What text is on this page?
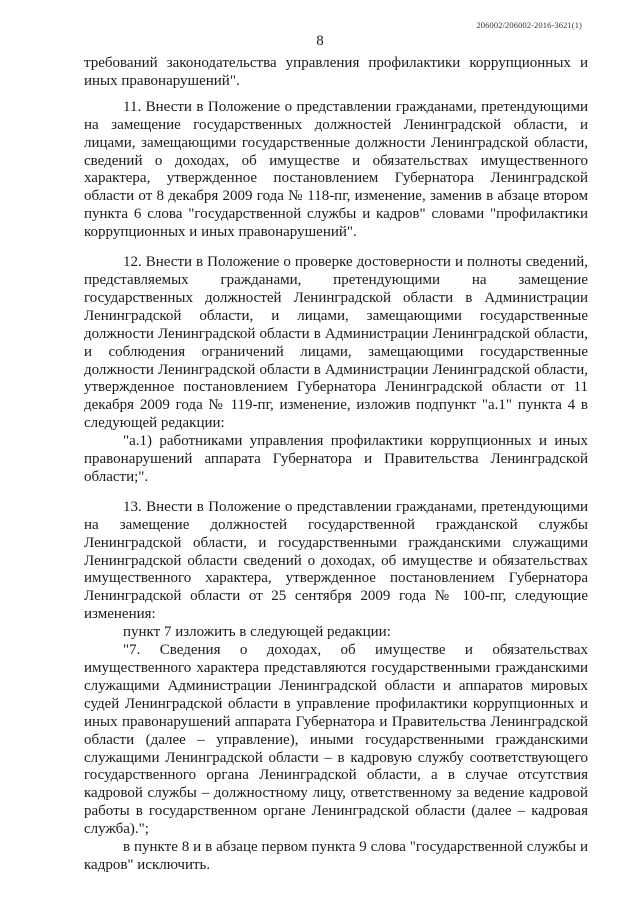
206002/206002-2016-3621(1)
8

требований законодательства управления профилактики коррупционных и иных правонарушений".

11. Внести в Положение о представлении гражданами, претендующими на замещение государственных должностей Ленинградской области, и лицами, замещающими государственные должности Ленинградской области, сведений о доходах, об имуществе и обязательствах имущественного характера, утвержденное постановлением Губернатора Ленинградской области от 8 декабря 2009 года № 118-пг, изменение, заменив в абзаце втором пункта 6 слова "государственной службы и кадров" словами "профилактики коррупционных и иных правонарушений".

12. Внести в Положение о проверке достоверности и полноты сведений, представляемых гражданами, претендующими на замещение государственных должностей Ленинградской области в Администрации Ленинградской области, и лицами, замещающими государственные должности Ленинградской области в Администрации Ленинградской области, и соблюдения ограничений лицами, замещающими государственные должности Ленинградской области в Администрации Ленинградской области, утвержденное постановлением Губернатора Ленинградской области от 11 декабря 2009 года № 119-пг, изменение, изложив подпункт "а.1" пункта 4 в следующей редакции:

"а.1) работниками управления профилактики коррупционных и иных правонарушений аппарата Губернатора и Правительства Ленинградской области;".

13. Внести в Положение о представлении гражданами, претендующими на замещение должностей государственной гражданской службы Ленинградской области, и государственными гражданскими служащими Ленинградской области сведений о доходах, об имуществе и обязательствах имущественного характера, утвержденное постановлением Губернатора Ленинградской области от 25 сентября 2009 года № 100-пг, следующие изменения:

пункт 7 изложить в следующей редакции:

"7. Сведения о доходах, об имуществе и обязательствах имущественного характера представляются государственными гражданскими служащими Администрации Ленинградской области и аппаратов мировых судей Ленинградской области в управление профилактики коррупционных и иных правонарушений аппарата Губернатора и Правительства Ленинградской области (далее – управление), иными государственными гражданскими служащими Ленинградской области – в кадровую службу соответствующего государственного органа Ленинградской области, а в случае отсутствия кадровой службы – должностному лицу, ответственному за ведение кадровой работы в государственном органе Ленинградской области (далее – кадровая служба).";

в пункте 8 и в абзаце первом пункта 9 слова "государственной службы и кадров" исключить.
